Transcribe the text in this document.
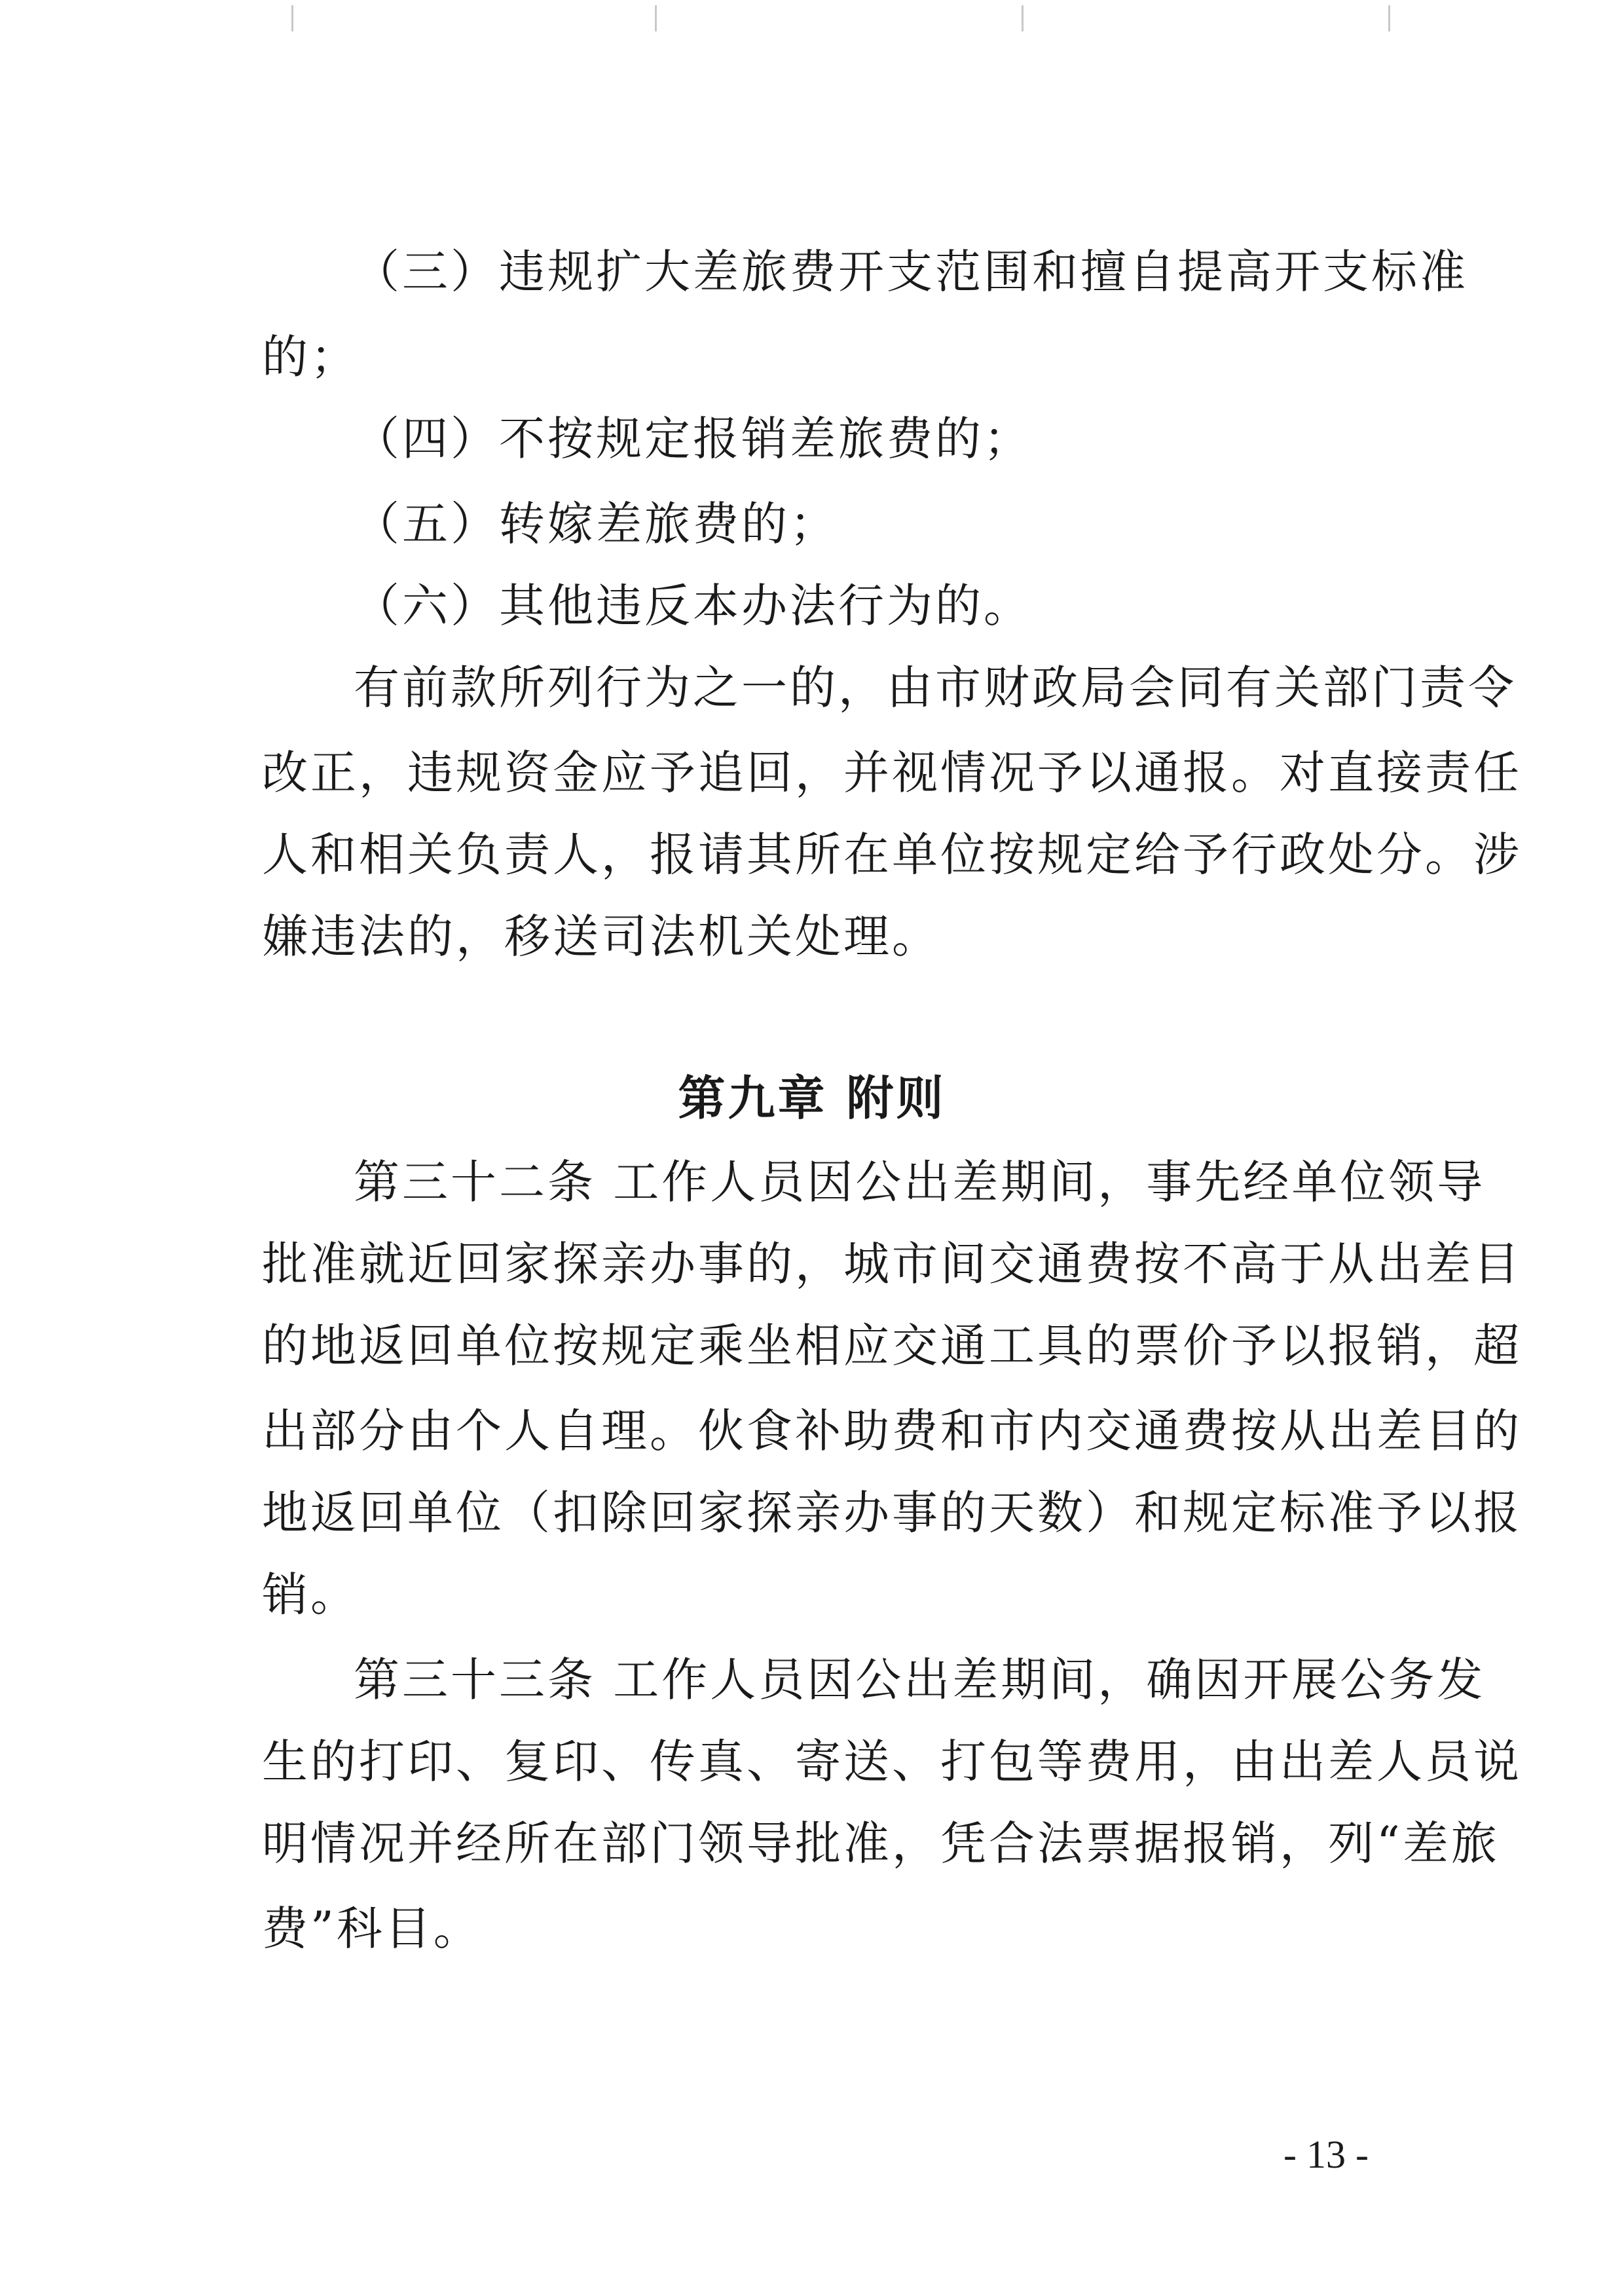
（三）违规扩大差旅费开支范围和擅自提高开支标准
的；
（四）不按规定报销差旅费的；
（五）转嫁差旅费的；
（六）其他违反本办法行为的。
有前款所列行为之一的，由市财政局会同有关部门责令
改正，违规资金应予追回，并视情况予以通报。对直接责任
人和相关负责人，报请其所在单位按规定给予行政处分。涉
嫌违法的，移送司法机关处理。
第九章 附则
第三十二条 工作人员因公出差期间，事先经单位领导
批准就近回家探亲办事的，城市间交通费按不高于从出差目
的地返回单位按规定乘坐相应交通工具的票价予以报销，超
出部分由个人自理。伙食补助费和市内交通费按从出差目的
地返回单位（扣除回家探亲办事的天数）和规定标准予以报
销。
第三十三条 工作人员因公出差期间，确因开展公务发
生的打印、复印、传真、寄送、打包等费用，由出差人员说
明情况并经所在部门领导批准，凭合法票据报销，列“差旅
费”科目。
- 13 -
